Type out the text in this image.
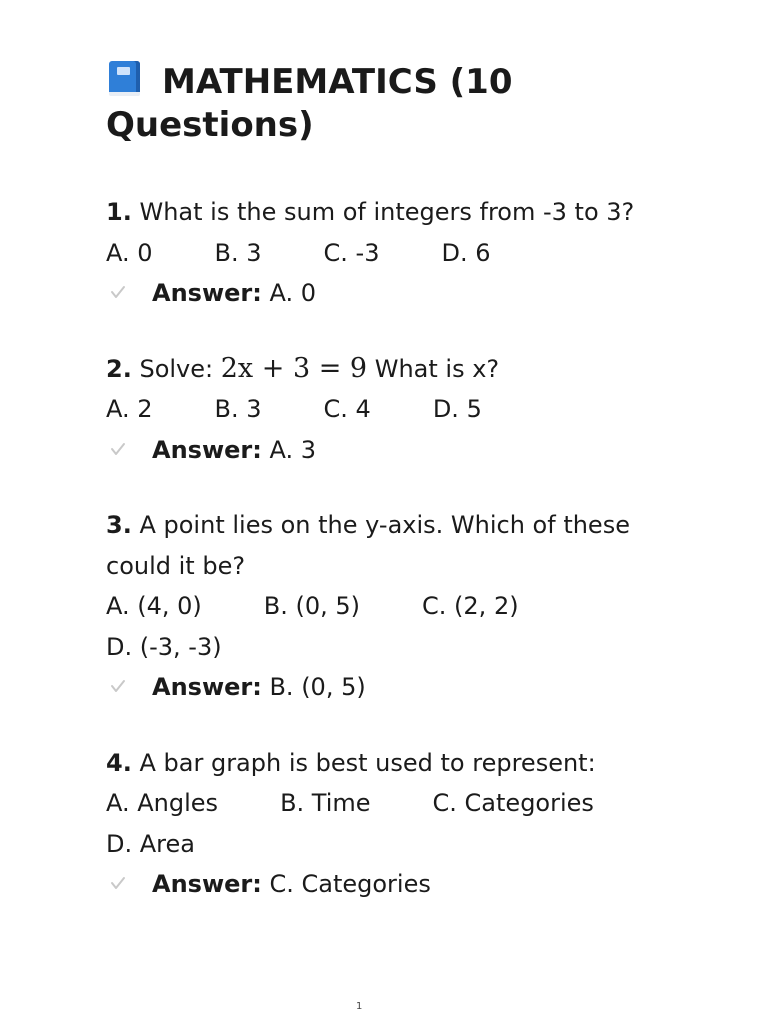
MATHEMATICS (10 Questions)
1. What is the sum of integers from -3 to 3?
A. 0	B. 3	C. -3	D. 6
Answer: A. 0
2. Solve: 2x + 3 = 9 What is x?
A. 2	B. 3	C. 4	D. 5
Answer: A. 3
3. A point lies on the y-axis. Which of these could it be?
A. (4, 0)	B. (0, 5)	C. (2, 2)
D. (-3, -3)
Answer: B. (0, 5)
4. A bar graph is best used to represent:
A. Angles	B. Time	C. Categories
D. Area
Answer: C. Categories
1
